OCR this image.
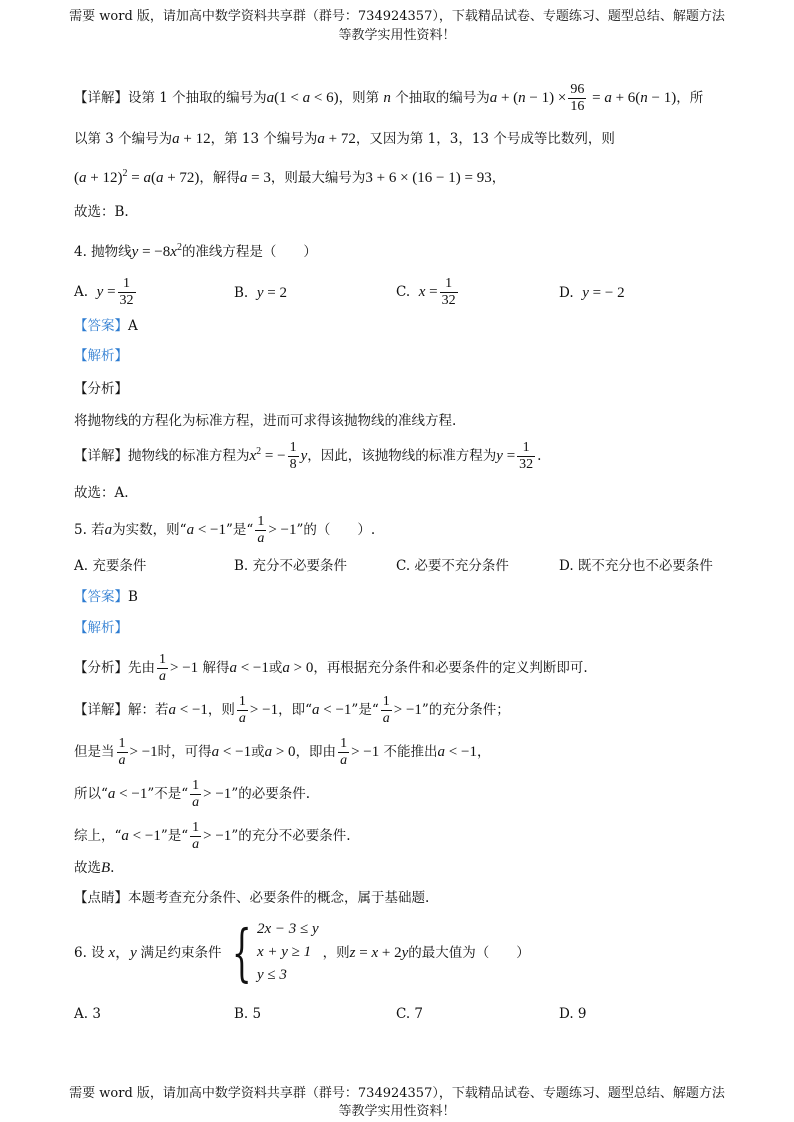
需要 word 版，请加高中数学资料共享群（群号：734924357），下载精品试卷、专题练习、题型总结、解题方法
等教学实用性资料！
【详解】设第 1 个抽取的编号为a(1 < a < 6)，则第 n 个抽取的编号为$a + (n - 1) \times \frac{96}{16} = a + 6(n - 1)$，所
以第 3 个编号为a + 12，第 13 个编号为a + 72，又因为第 1，3，13 个号成等比数列，则
$(a + 12)^2 = a(a + 72)$，解得a = 3，则最大编号为3 + 6 × (16 − 1) = 93，
故选：B.
4. 抛物线$y = -8x^2$的准线方程是（　　）
A. $y = \frac{1}{32}$	B. y = 2	C. $x = \frac{1}{32}$	D. y = − 2
【答案】A
【解析】
【分析】
将抛物线的方程化为标准方程，进而可求得该抛物线的准线方程.
【详解】抛物线的标准方程为$x^2$ = − $\frac{1}{8}$ y，因此，该抛物线的标准方程为$y = \frac{1}{32}$ .
故选：A.
5. 若a为实数，则“a < −1”是“ $\frac{1}{a} > -1$”的（　　）.
A. 充要条件	B. 充分不必要条件	C. 必要不充分条件	D. 既不充分也不必要条件
【答案】B
【解析】
【分析】先由 $\frac{1}{a} > -1$ 解得a < −1或a > 0，再根据充分条件和必要条件的定义判断即可.
【详解】解：若a < −1，则 $\frac{1}{a} > -1$，即“a < −1”是“ $\frac{1}{a} > -1$”的充分条件；
但是当 $\frac{1}{a} > -1$时，可得a < −1或a > 0，即由 $\frac{1}{a} > -1$ 不能推出a < −1，
所以“a < −1”不是“ $\frac{1}{a} > -1$”的必要条件.
综上，“a < −1”是“ $\frac{1}{a} > -1$”的充分不必要条件.
故选B.
【点睛】本题考查充分条件、必要条件的概念，属于基础题.
6. 设 x，y 满足约束条件 { 2x − 3 ≤ y
x + y ≥ 1
y ≤ 3
，则 z = x + 2y 的最大值为（　　）
A. 3	B. 5	C. 7	D. 9
需要 word 版，请加高中数学资料共享群（群号：734924357），下载精品试卷、专题练习、题型总结、解题方法
等教学实用性资料！
